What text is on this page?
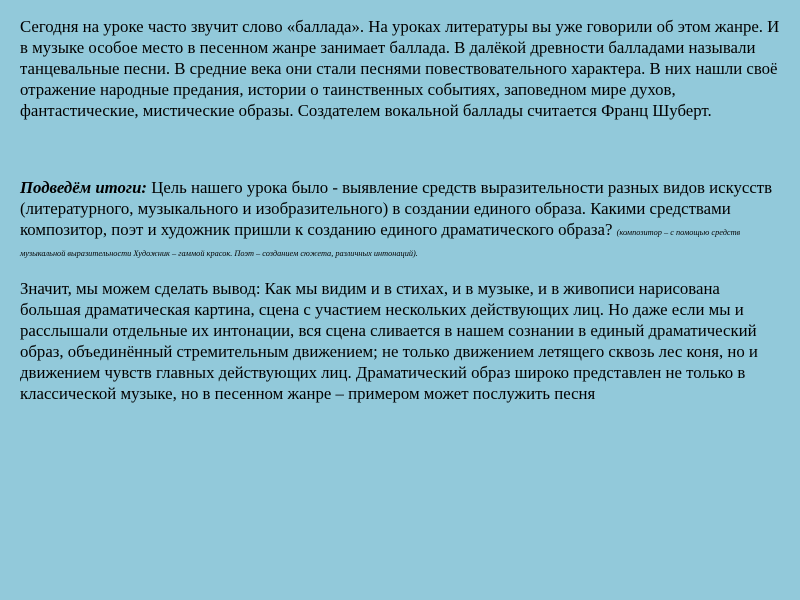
Сегодня на уроке часто звучит слово «баллада». На уроках литературы вы уже говорили об этом жанре. И в музыке особое место в песенном жанре занимает баллада. В далёкой древности балладами называли танцевальные песни. В средние века они стали песнями повествовательного характера. В них нашли своё отражение народные предания, истории о таинственных событиях, заповедном мире духов, фантастические, мистические образы. Создателем вокальной баллады считается Франц Шуберт.

Подведём итоги: Цель нашего урока было - выявление средств выразительности разных видов искусств (литературного, музыкального и изобразительного) в создании единого образа. Какими средствами композитор, поэт и художник пришли к созданию единого драматического образа? (композитор – с помощью средств музыкальной выразительности Художник – гаммой красок. Поэт – созданием сюжета, различных интонаций).

Значит, мы можем сделать вывод: Как мы видим и в стихах, и в музыке, и в живописи нарисована большая драматическая картина, сцена с участием нескольких действующих лиц. Но даже если мы и расслышали отдельные их интонации, вся сцена сливается в нашем сознании в единый драматический образ, объединённый стремительным движением; не только движением летящего сквозь лес коня, но и движением чувств главных действующих лиц. Драматический образ широко представлен не только в классической музыке, но в песенном жанре – примером может послужить песня
